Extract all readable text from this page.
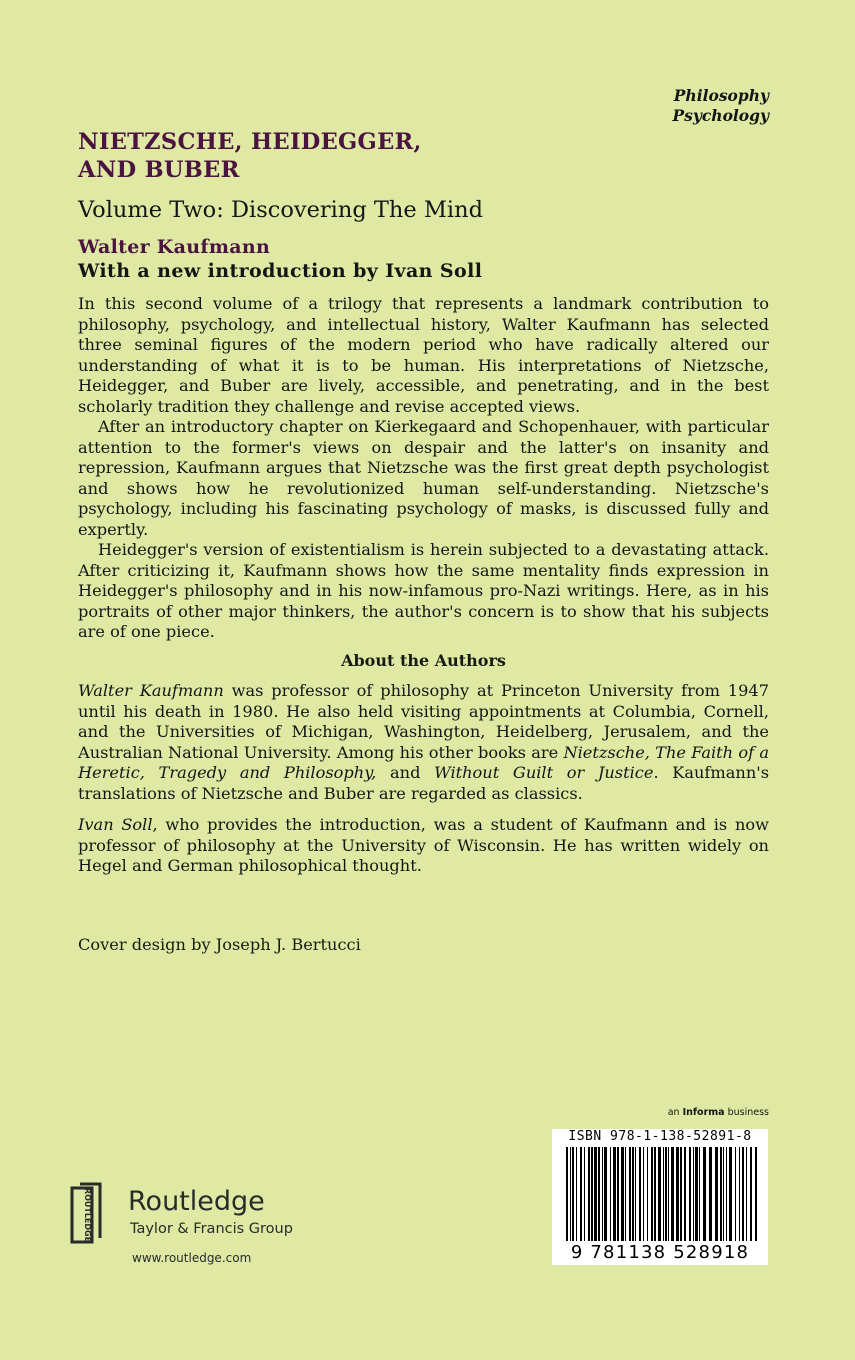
Philosophy
Psychology
NIETZSCHE, HEIDEGGER,
AND BUBER
Volume Two: Discovering The Mind
Walter Kaufmann
With a new introduction by Ivan Soll

In this second volume of a trilogy that represents a landmark contribution to philosophy, psychology, and intellectual history, Walter Kaufmann has selected three seminal figures of the modern period who have radically altered our understanding of what it is to be human. His interpretations of Nietzsche, Heidegger, and Buber are lively, accessible, and penetrating, and in the best scholarly tradition they challenge and revise accepted views.

After an introductory chapter on Kierkegaard and Schopenhauer, with particular attention to the former's views on despair and the latter's on insanity and repression, Kaufmann argues that Nietzsche was the first great depth psychologist and shows how he revolutionized human self-understanding. Nietzsche's psychology, including his fascinating psychology of masks, is discussed fully and expertly.

Heidegger's version of existentialism is herein subjected to a devastating attack. After criticizing it, Kaufmann shows how the same mentality finds expression in Heidegger's philosophy and in his now-infamous pro-Nazi writings. Here, as in his portraits of other major thinkers, the author's concern is to show that his subjects are of one piece.

About the Authors

Walter Kaufmann was professor of philosophy at Princeton University from 1947 until his death in 1980. He also held visiting appointments at Columbia, Cornell, and the Universities of Michigan, Washington, Heidelberg, Jerusalem, and the Australian National University. Among his other books are Nietzsche, The Faith of a Heretic, Tragedy and Philosophy, and Without Guilt or Justice. Kaufmann's translations of Nietzsche and Buber are regarded as classics.

Ivan Soll, who provides the introduction, was a student of Kaufmann and is now professor of philosophy at the University of Wisconsin. He has written widely on Hegel and German philosophical thought.

Cover design by Joseph J. Bertucci
an Informa business
ISBN 978-1-138-52891-8
9 781138 528918
ROUTLEDGE Routledge
Taylor & Francis Group
www.routledge.com
